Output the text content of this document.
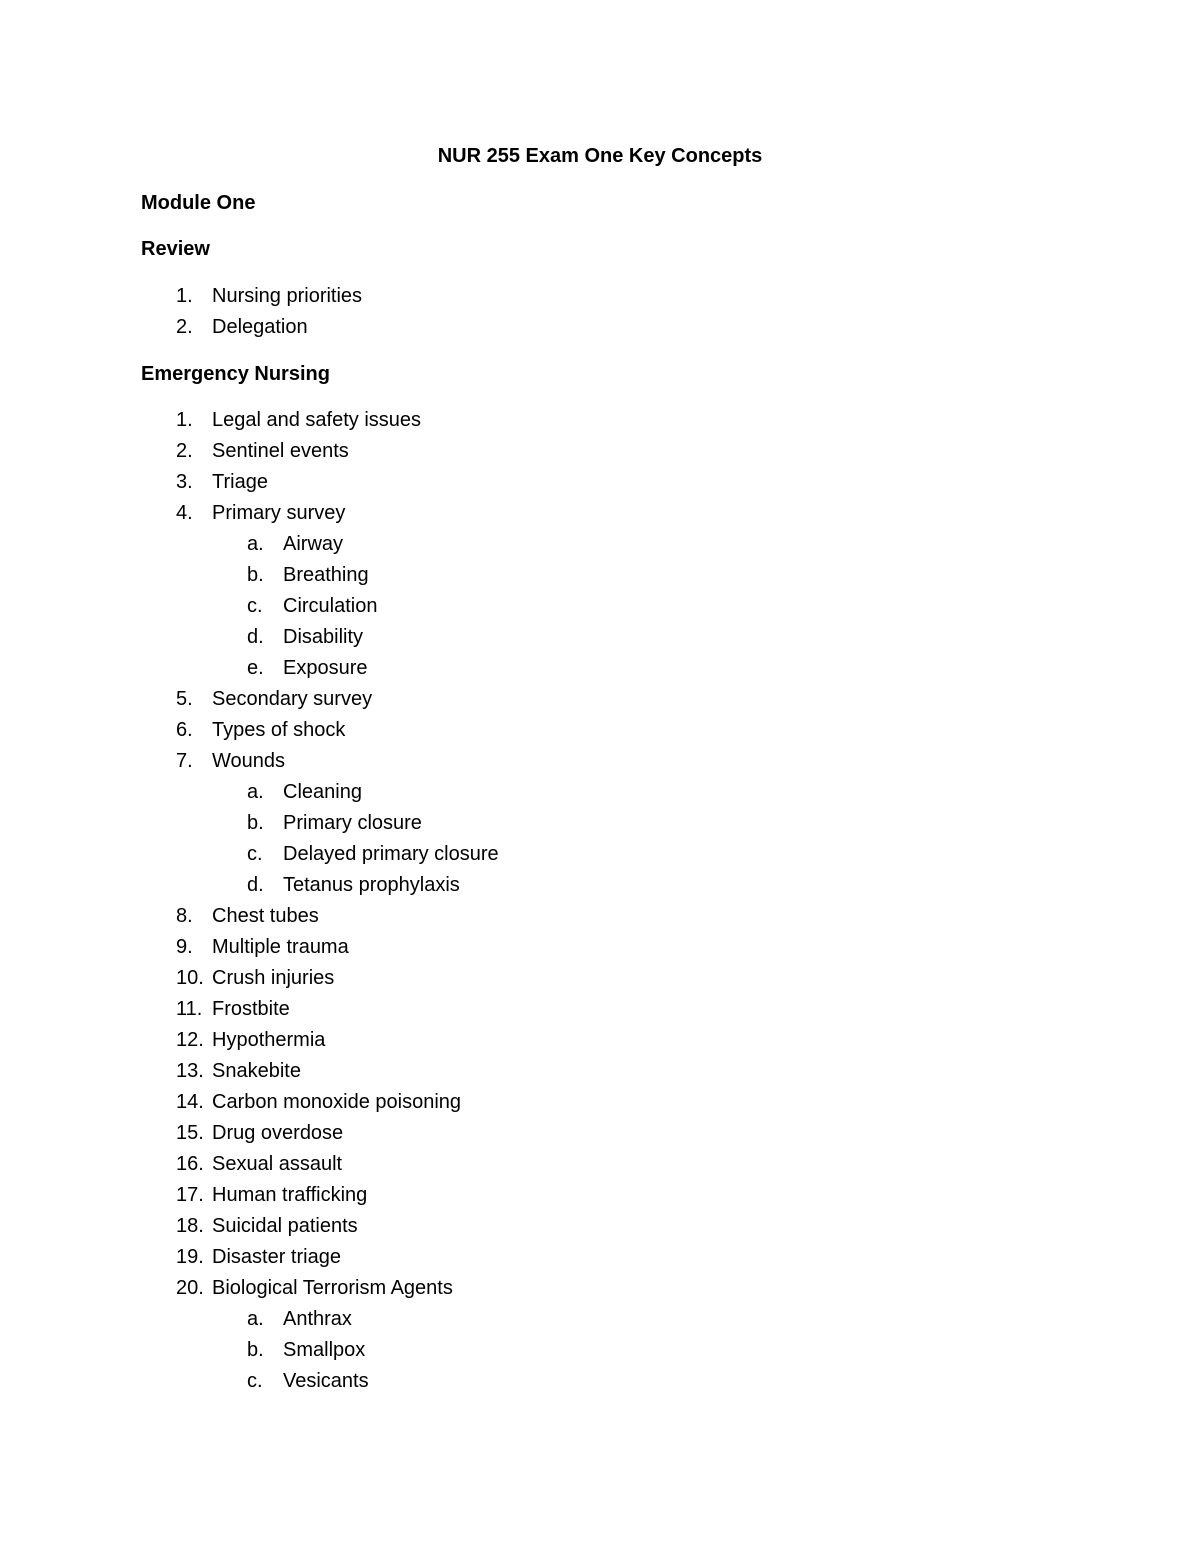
NUR 255 Exam One Key Concepts
Module One
Review
1. Nursing priorities
2. Delegation
Emergency Nursing
1. Legal and safety issues
2. Sentinel events
3. Triage
4. Primary survey
a. Airway
b. Breathing
c. Circulation
d. Disability
e. Exposure
5. Secondary survey
6. Types of shock
7. Wounds
a. Cleaning
b. Primary closure
c. Delayed primary closure
d. Tetanus prophylaxis
8. Chest tubes
9. Multiple trauma
10. Crush injuries
11. Frostbite
12. Hypothermia
13. Snakebite
14. Carbon monoxide poisoning
15. Drug overdose
16. Sexual assault
17. Human trafficking
18. Suicidal patients
19. Disaster triage
20. Biological Terrorism Agents
a. Anthrax
b. Smallpox
c. Vesicants
